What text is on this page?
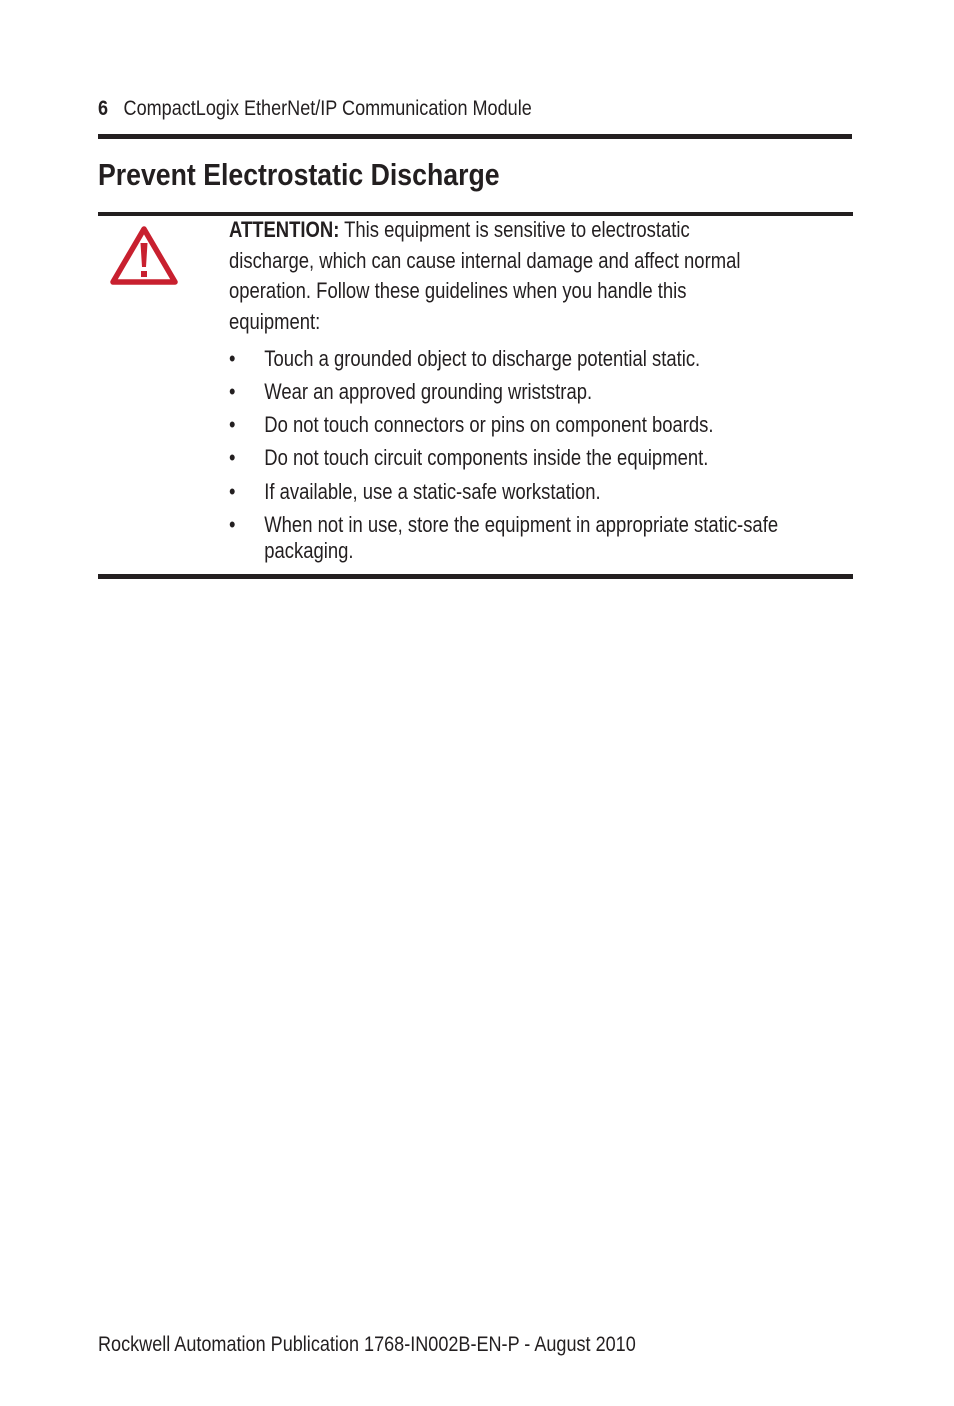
6 CompactLogix EtherNet/IP Communication Module
Prevent Electrostatic Discharge

ATTENTION: This equipment is sensitive to electrostatic
discharge, which can cause internal damage and affect normal
operation. Follow these guidelines when you handle this
equipment:

•	Touch a grounded object to discharge potential static.
•	Wear an approved grounding wriststrap.
•	Do not touch connectors or pins on component boards.
•	Do not touch circuit components inside the equipment.
•	If available, use a static-safe workstation.
•	When not in use, store the equipment in appropriate static-safe
packaging.
Rockwell Automation Publication 1768-IN002B-EN-P - August 2010
